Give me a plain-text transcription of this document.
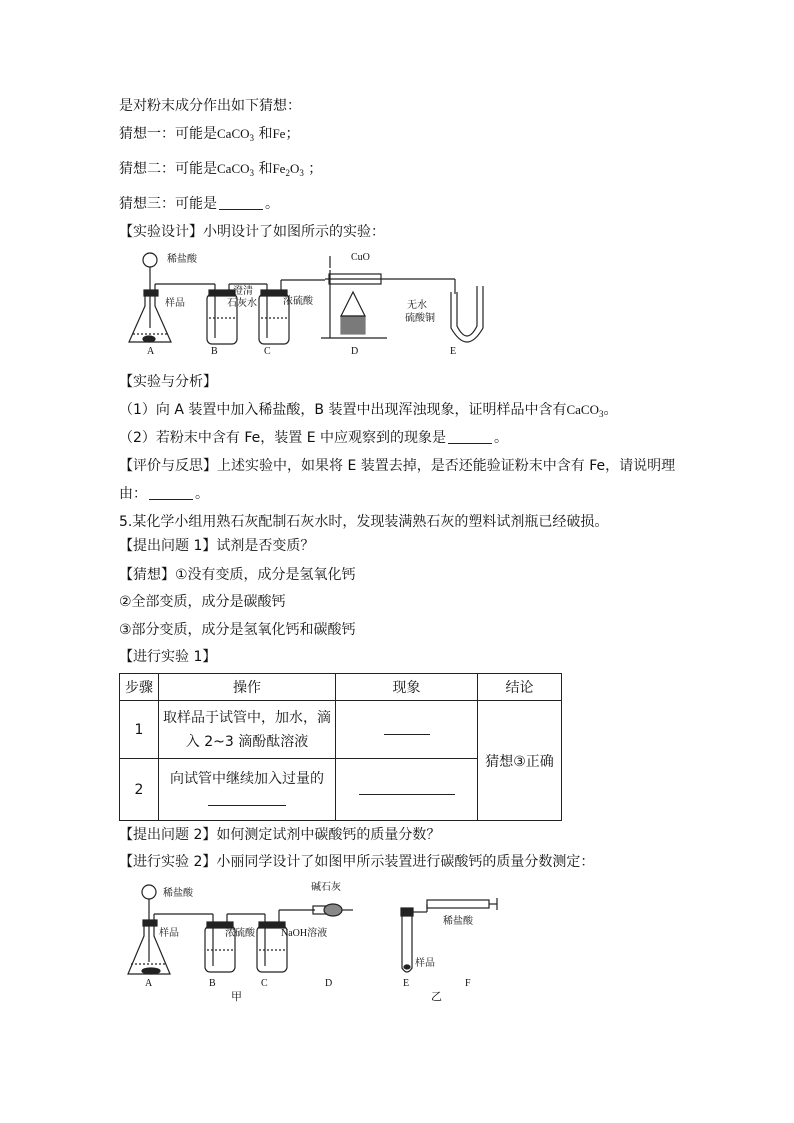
是对粉末成分作出如下猜想：
猜想一：可能是CaCO$_3$ 和Fe；
猜想二：可能是CaCO$_3$ 和$Fe_2O_3$ ；
猜想三：可能是	。
【实验设计】小明设计了如图所示的实验：
稀盐酸
样品
澄清
石灰水	浓硫酸
CuO
无水
硫酸铜
A	B	C	D	E
【实验与分析】
（1）向 A 装置中加入稀盐酸，B 装置中出现浑浊现象，证明样品中含有CaCO$_3$。
（2）若粉末中含有 Fe，装置 E 中应观察到的现象是	。
【评价与反思】上述实验中，如果将 E 装置去掉，是否还能验证粉末中含有 Fe，请说明理
由：	。
5.某化学小组用熟石灰配制石灰水时，发现装满熟石灰的塑料试剂瓶已经破损。
【提出问题 1】试剂是否变质？
【猜想】①没有变质，成分是氢氧化钙
②全部变质，成分是碳酸钙
③部分变质，成分是氢氧化钙和碳酸钙
【进行实验 1】
步骤	操作	现象	结论
1	取样品于试管中，加水，滴
入 2~3 滴酚酞溶液		猜想③正确
2	向试管中继续加入过量的		

【提出问题 2】如何测定试剂中碳酸钙的质量分数？
【进行实验 2】小丽同学设计了如图甲所示装置进行碳酸钙的质量分数测定：
稀盐酸
样品	浓硫酸	NaOH溶液
碱石灰
稀盐酸
样品
A	B	C	D	E	F
甲	乙
